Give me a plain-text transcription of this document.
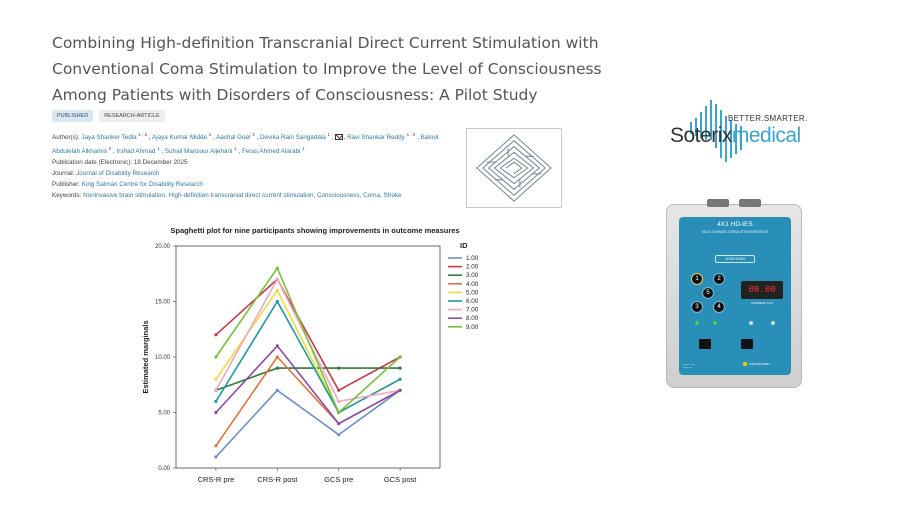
Combining High-definition Transcranial Direct Current Stimulation with Conventional Coma Stimulation to Improve the Level of Consciousness Among Patients with Disorders of Consciousness: A Pilot Study
PUBLISHED	RESEARCH-ARTICLE
Author(s): Jaya Shanker Tedla $^{1 , 2}$ , Ajaya Kumar Midde $^1$ , Aachal Goel $^3$ , Devika Rani Sangadala $^1$ , , Ravi Shankar Reddy $^{1 , 2}$ , Batool Abdulelah Alkhamis $^2$ , Irshad Ahmad $^1$ , Suhail Mansour Aljehani $^1$ , Feras Ahmed Alarabi $^1$
Publication date (Electronic): 18 December 2025
Journal: Journal of Disability Research
Publisher: King Salman Centre for Disability Research
Keywords: Noninvasive brain stimulation, High-definition transcranial direct current stimulation, Consciousness, Coma, Stroke
Spaghetti plot for nine participants showing improvements in outcome measures
0.00
5.00
10.00
15.00
20.00
CRS-R pre	CRS-R post	GCS pre	GCS post
Estimated marginals
ID
1.00
2.00
3.00
4.00
5.00
6.00
7.00
8.00
9.00
BETTER.SMARTER.
Soterixmedical
4X1 HD-tES
MULTI-CHANNEL STIMULATION INTERFACE
LEAD SCAN
1	2
5
3	4
00.00
CURRENT (mA)
LOW BATTERY
▪▪▪ ▪▪▪▪ ▪▪ ▪▪▪▪▪
▪▪▪▪ ▪▪▪ ▪▪▪▪
